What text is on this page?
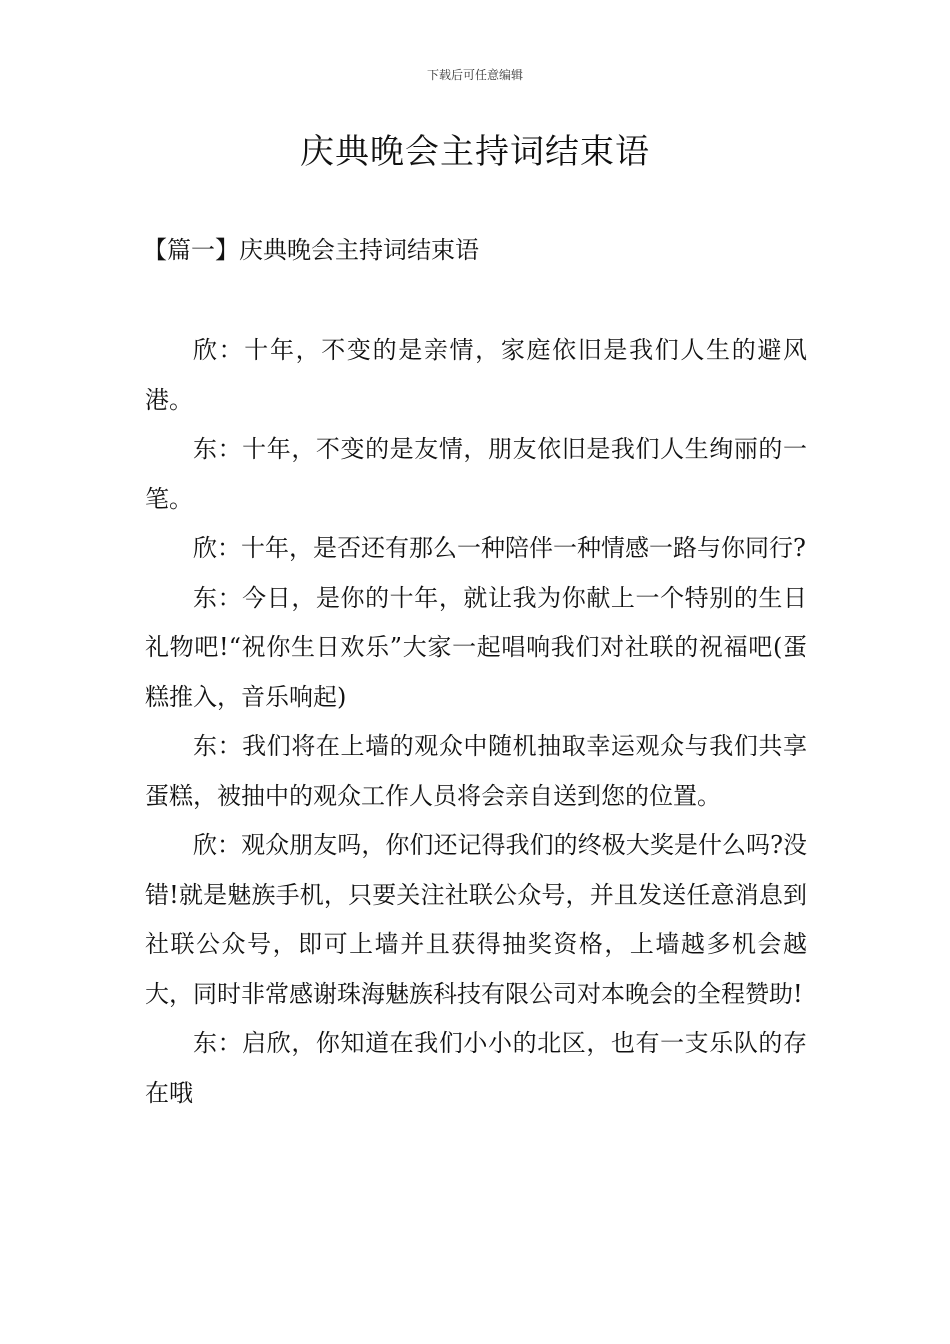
下载后可任意编辑
庆典晚会主持词结束语
【篇一】庆典晚会主持词结束语

欣：十年，不变的是亲情，家庭依旧是我们人生的避风港。

东：十年，不变的是友情，朋友依旧是我们人生绚丽的一笔。

欣：十年，是否还有那么一种陪伴一种情感一路与你同行?

东：今日，是你的十年，就让我为你献上一个特别的生日礼物吧!“祝你生日欢乐”大家一起唱响我们对社联的祝福吧(蛋糕推入，音乐响起)

东：我们将在上墙的观众中随机抽取幸运观众与我们共享蛋糕，被抽中的观众工作人员将会亲自送到您的位置。

欣：观众朋友吗，你们还记得我们的终极大奖是什么吗?没错!就是魅族手机，只要关注社联公众号，并且发送任意消息到社联公众号，即可上墙并且获得抽奖资格，上墙越多机会越大，同时非常感谢珠海魅族科技有限公司对本晚会的全程赞助!

东：启欣，你知道在我们小小的北区，也有一支乐队的存在哦
